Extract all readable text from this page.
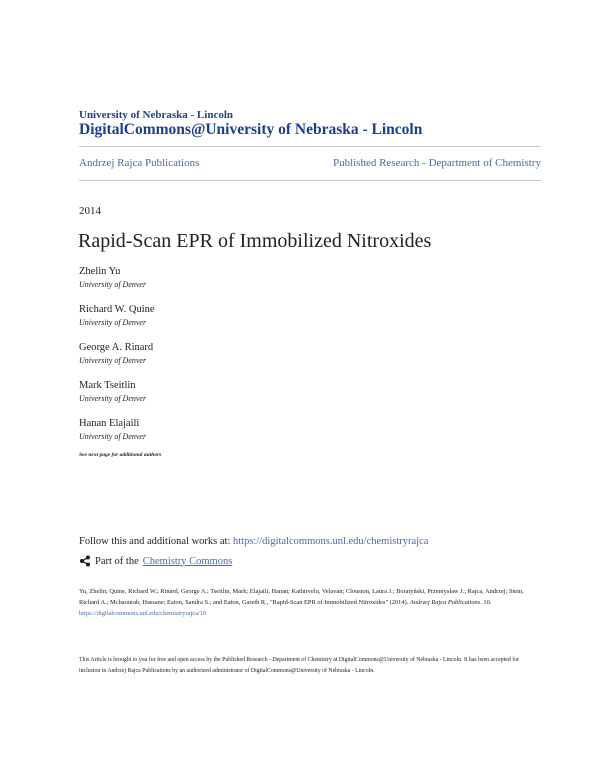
University of Nebraska - Lincoln
DigitalCommons@University of Nebraska - Lincoln
Andrzej Rajca Publications	Published Research - Department of Chemistry
2014
Rapid-Scan EPR of Immobilized Nitroxides
Zhelin Yu
University of Denver
Richard W. Quine
University of Denver
George A. Rinard
University of Denver
Mark Tseitlin
University of Denver
Hanan Elajaili
University of Denver
See next page for additional authors
Follow this and additional works at: https://digitalcommons.unl.edu/chemistryrajca
Part of the Chemistry Commons
Yu, Zhelin; Quine, Richard W.; Rinard, George A.; Tseitlin, Mark; Elajaili, Hanan; Kathirvelu, Velavan; Clouston, Laura J.; Boratyński, Przemysław J.; Rajca, Andrzej; Stein, Richard A.; Mchaourab, Hassane; Eaton, Sandra S.; and Eaton, Gareth R., "Rapid-Scan EPR of Immobilized Nitroxides" (2014). Andrzej Rajca Publications. 10.
https://digitalcommons.unl.edu/chemistryrajca/10
This Article is brought to you for free and open access by the Published Research - Department of Chemistry at DigitalCommons@University of Nebraska - Lincoln. It has been accepted for inclusion in Andrzej Rajca Publications by an authorized administrator of DigitalCommons@University of Nebraska - Lincoln.
